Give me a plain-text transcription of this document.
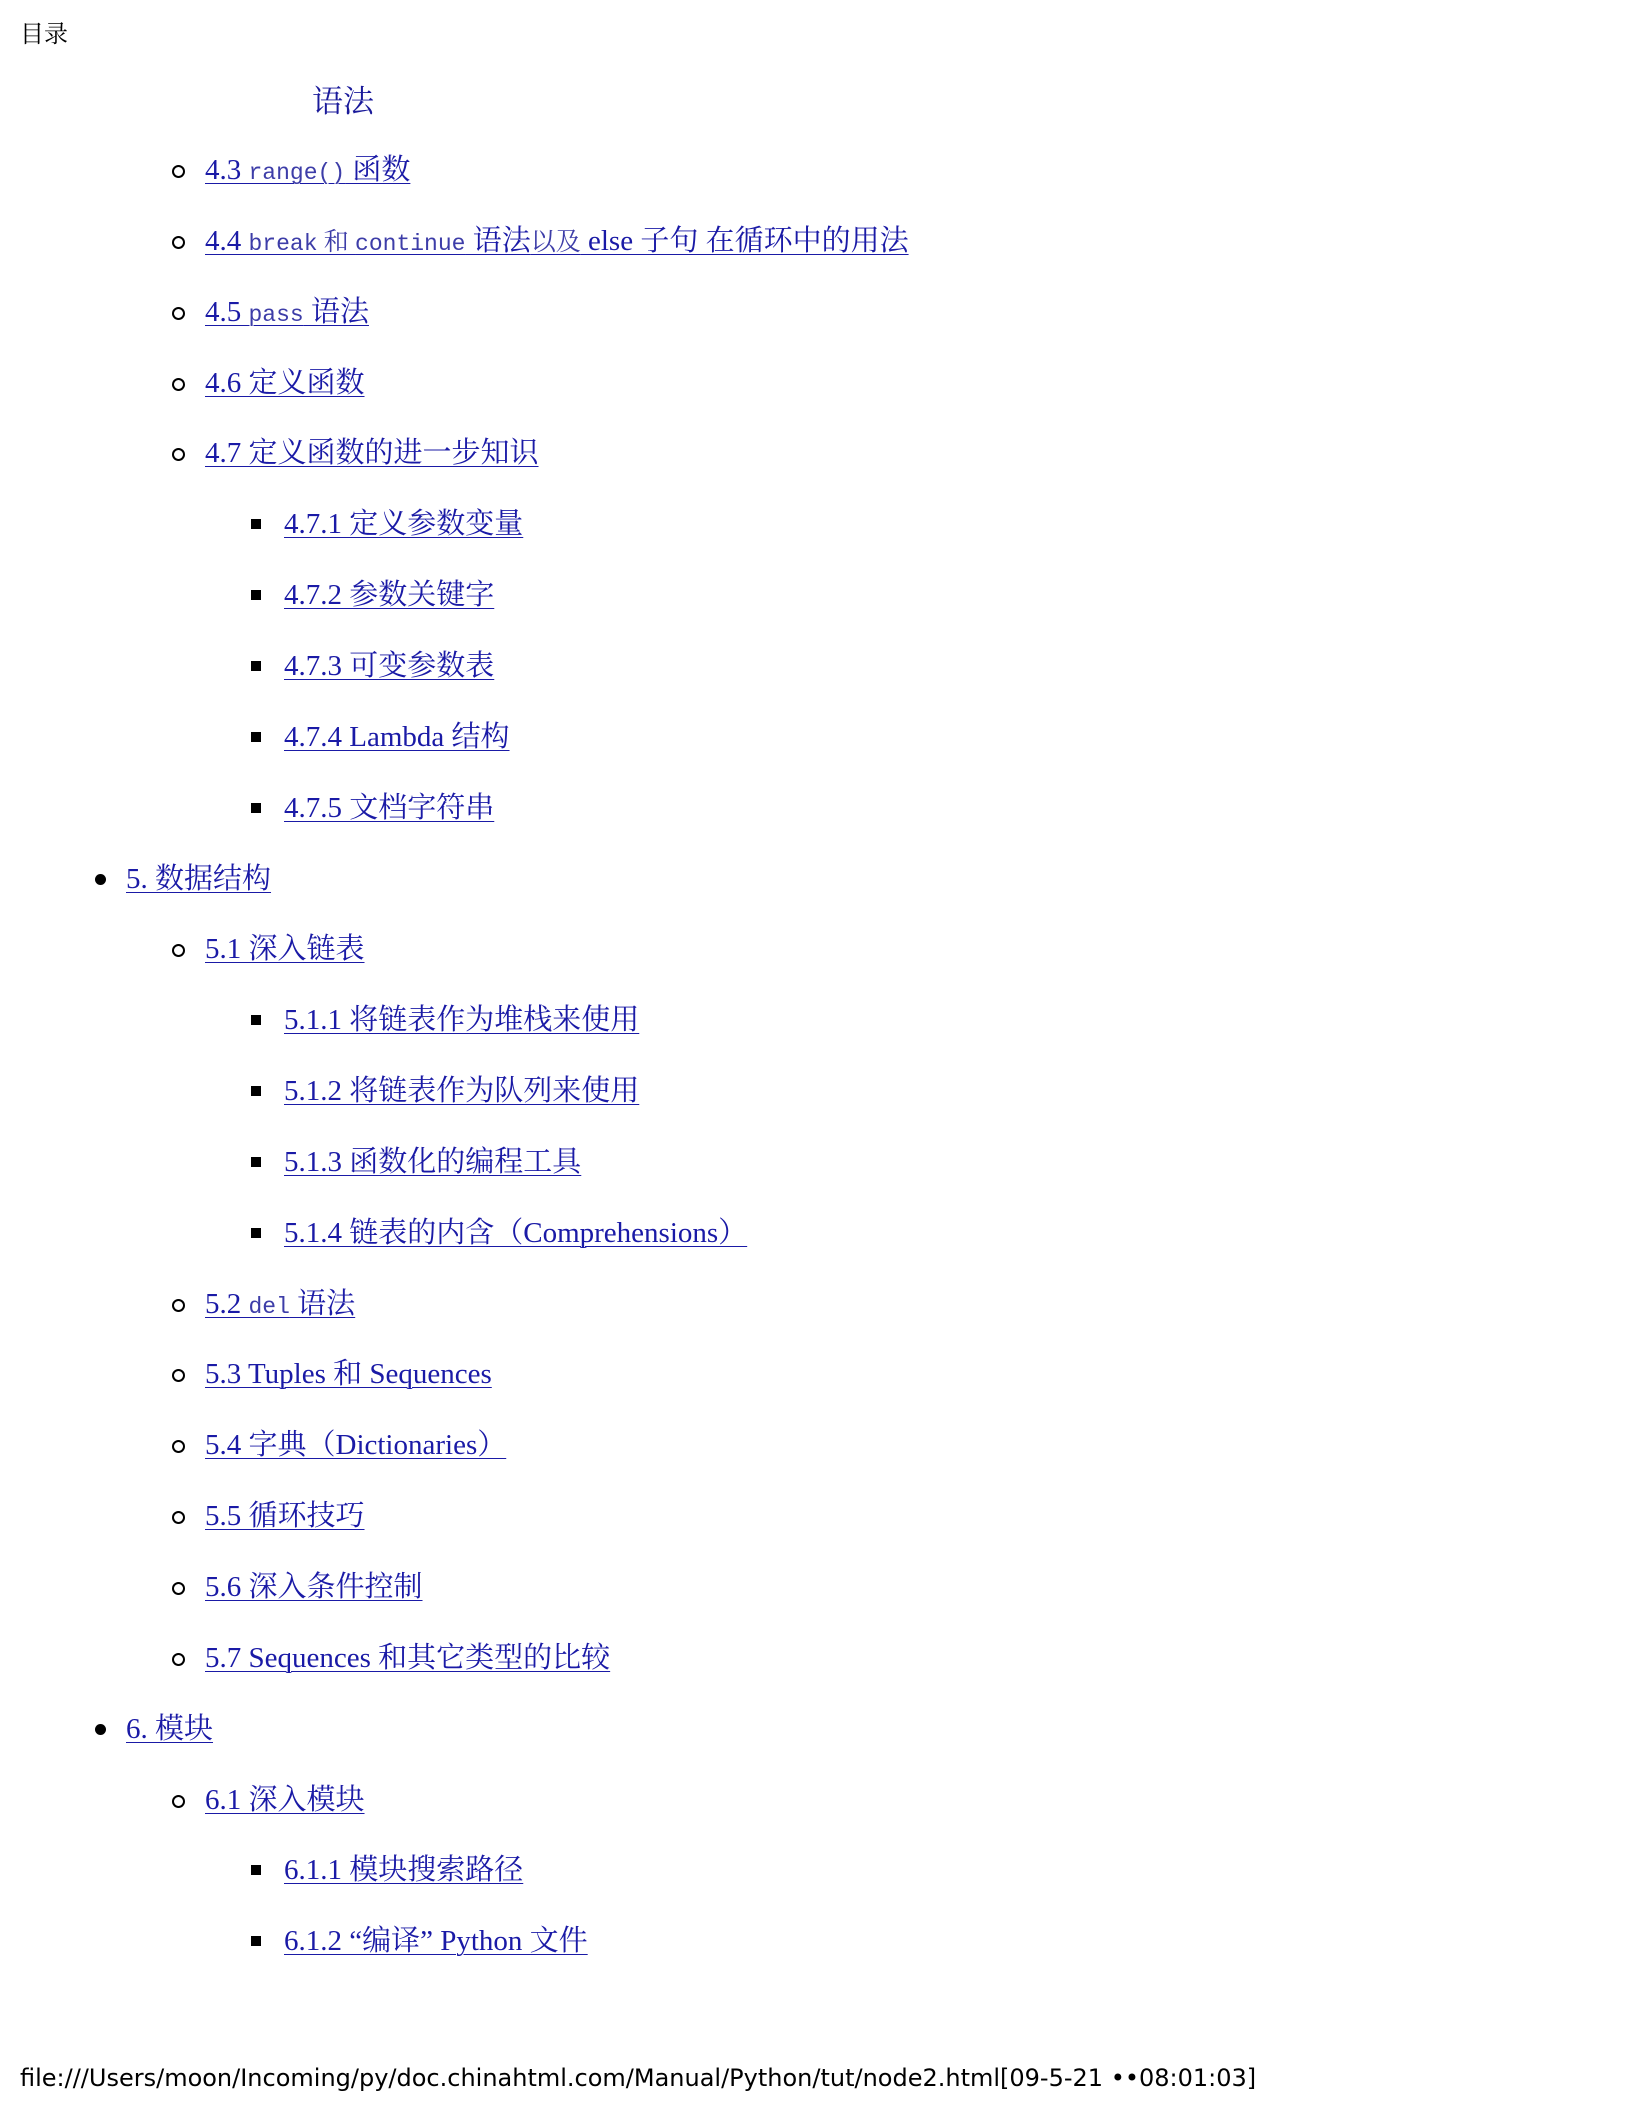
目录
语法
4.3 range() 函数
4.4 break 和 continue 语法以及 else 子句 在循环中的用法
4.5 pass 语法
4.6 定义函数
4.7 定义函数的进一步知识
4.7.1 定义参数变量
4.7.2 参数关键字
4.7.3 可变参数表
4.7.4 Lambda 结构
4.7.5 文档字符串
5. 数据结构
5.1 深入链表
5.1.1 将链表作为堆栈来使用
5.1.2 将链表作为队列来使用
5.1.3 函数化的编程工具
5.1.4 链表的内含（Comprehensions）
5.2 del 语法
5.3 Tuples 和 Sequences
5.4 字典（Dictionaries）
5.5 循环技巧
5.6 深入条件控制
5.7 Sequences 和其它类型的比较
6. 模块
6.1 深入模块
6.1.1 模块搜索路径
6.1.2 “编译” Python 文件
file:///Users/moon/Incoming/py/doc.chinahtml.com/Manual/Python/tut/node2.html[09-5-21 ••08:01:03]
